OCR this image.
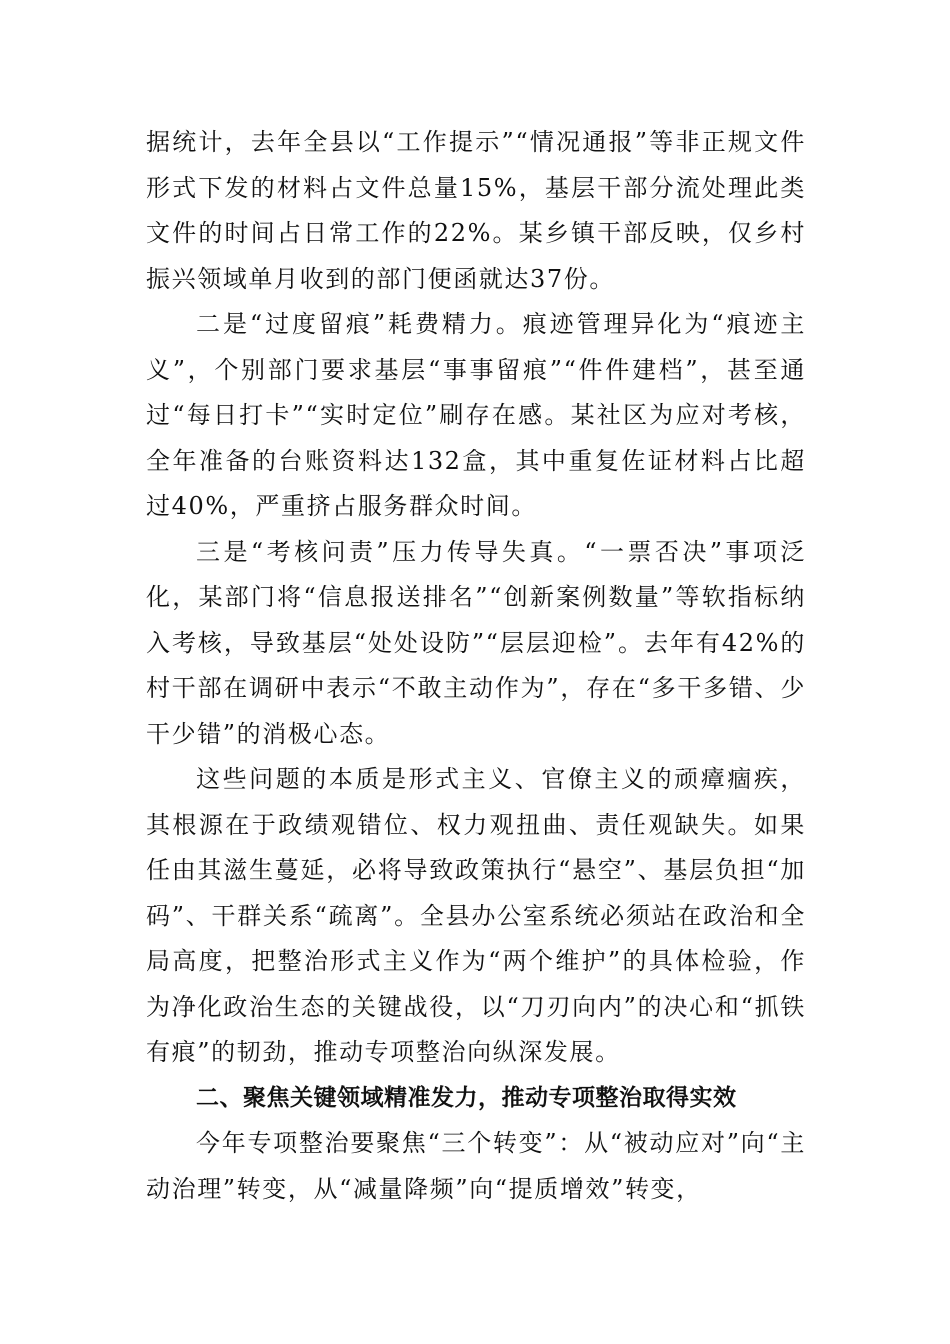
据统计，去年全县以“工作提示”“情况通报”等非正规文件形式下发的材料占文件总量15%，基层干部分流处理此类文件的时间占日常工作的22%。某乡镇干部反映，仅乡村振兴领域单月收到的部门便函就达37份。

二是“过度留痕”耗费精力。痕迹管理异化为“痕迹主义”，个别部门要求基层“事事留痕”“件件建档”，甚至通过“每日打卡”“实时定位”刷存在感。某社区为应对考核，全年准备的台账资料达132盒，其中重复佐证材料占比超过40%，严重挤占服务群众时间。

三是“考核问责”压力传导失真。“一票否决”事项泛化，某部门将“信息报送排名”“创新案例数量”等软指标纳入考核，导致基层“处处设防”“层层迎检”。去年有42%的村干部在调研中表示“不敢主动作为”，存在“多干多错、少干少错”的消极心态。

这些问题的本质是形式主义、官僚主义的顽瘴痼疾，其根源在于政绩观错位、权力观扭曲、责任观缺失。如果任由其滋生蔓延，必将导致政策执行“悬空”、基层负担“加码”、干群关系“疏离”。全县办公室系统必须站在政治和全局高度，把整治形式主义作为“两个维护”的具体检验，作为净化政治生态的关键战役，以“刀刃向内”的决心和“抓铁有痕”的韧劲，推动专项整治向纵深发展。

二、聚焦关键领域精准发力，推动专项整治取得实效

今年专项整治要聚焦“三个转变”：从“被动应对”向“主动治理”转变，从“减量降频”向“提质增效”转变，
